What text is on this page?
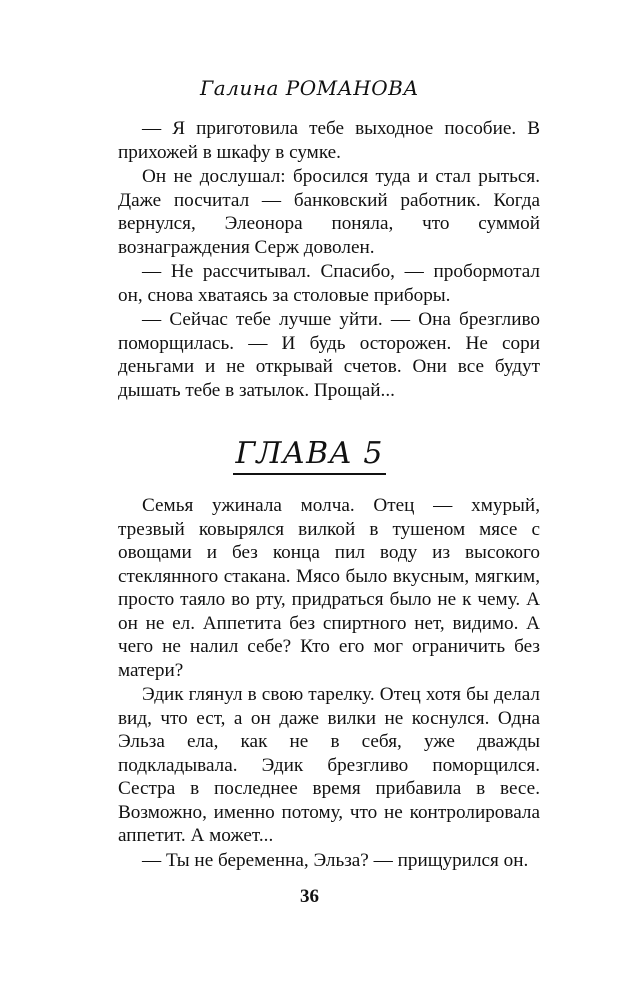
Галина РОМАНОВА

— Я приготовила тебе выходное пособие. В прихожей в шкафу в сумке.

Он не дослушал: бросился туда и стал рыться. Даже посчитал — банковский работник. Когда вернулся, Элеонора поняла, что суммой вознаграждения Серж доволен.

— Не рассчитывал. Спасибо, — пробормотал он, снова хватаясь за столовые приборы.

— Сейчас тебе лучше уйти. — Она брезгливо поморщилась. — И будь осторожен. Не сори деньгами и не открывай счетов. Они все будут дышать тебе в затылок. Прощай...

ГЛАВА 5

Семья ужинала молча. Отец — хмурый, трезвый ковырялся вилкой в тушеном мясе с овощами и без конца пил воду из высокого стеклянного стакана. Мясо было вкусным, мягким, просто таяло во рту, придраться было не к чему. А он не ел. Аппетита без спиртного нет, видимо. А чего не налил себе? Кто его мог ограничить без матери?

Эдик глянул в свою тарелку. Отец хотя бы делал вид, что ест, а он даже вилки не коснулся. Одна Эльза ела, как не в себя, уже дважды подкладывала. Эдик брезгливо поморщился. Сестра в последнее время прибавила в весе. Возможно, именно потому, что не контролировала аппетит. А может...

— Ты не беременна, Эльза? — прищурился он.

36
